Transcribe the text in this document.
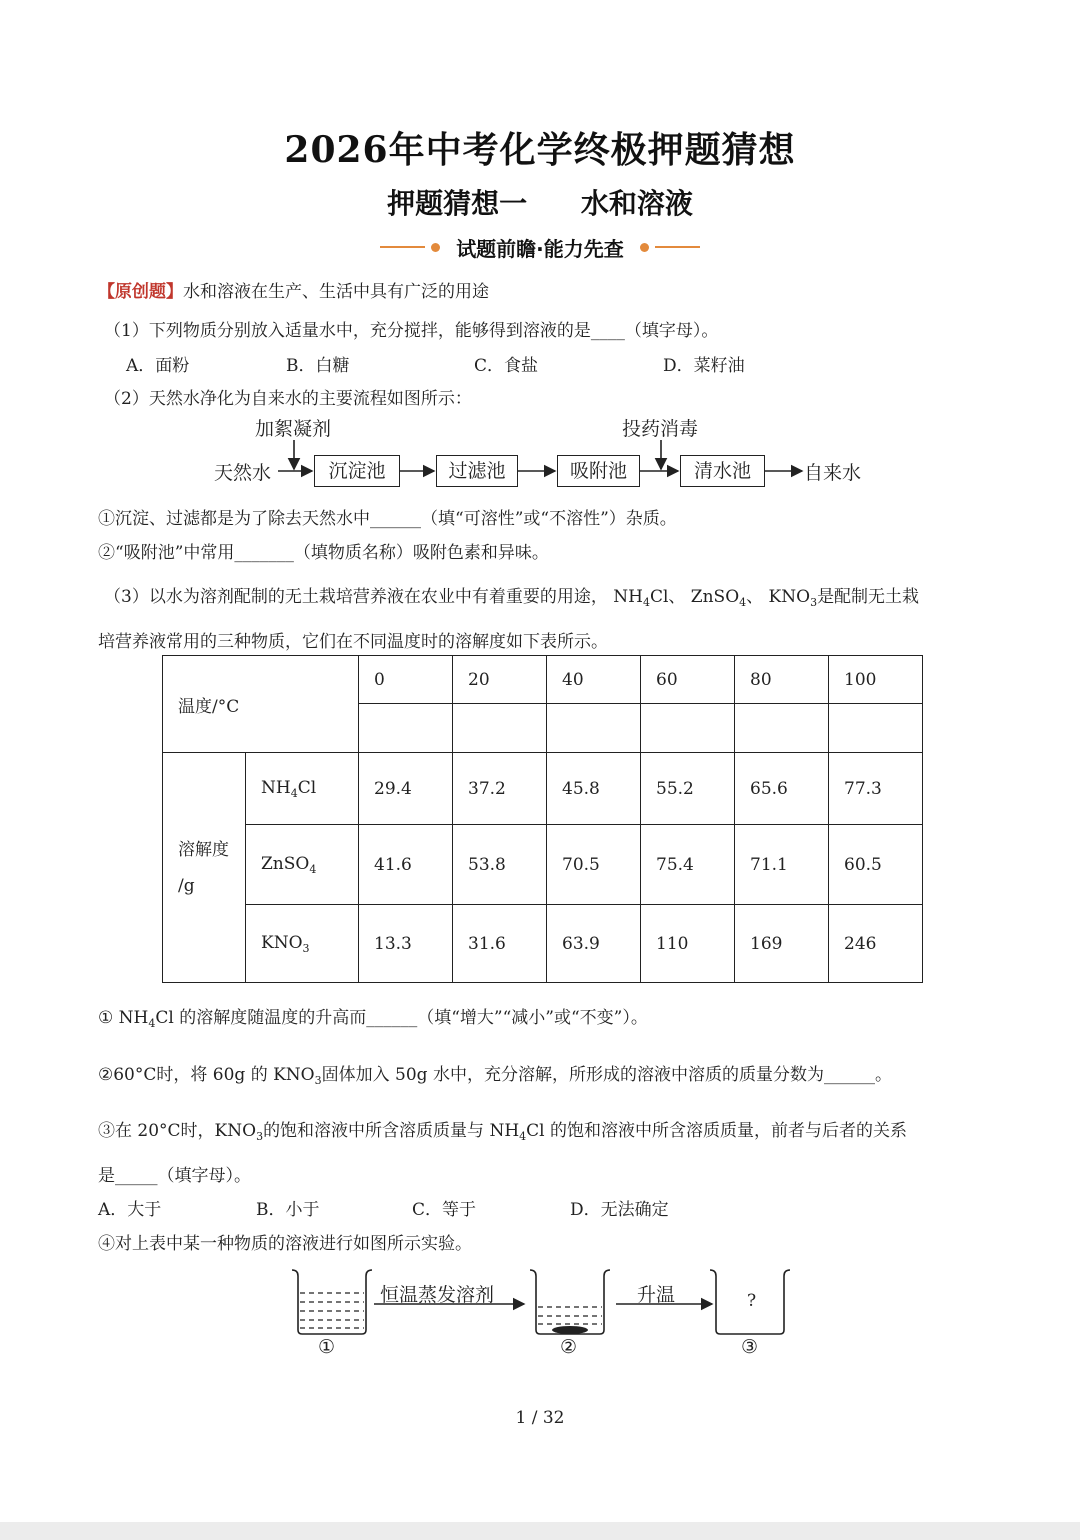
2026年中考化学终极押题猜想
押题猜想一 水和溶液
试题前瞻·能力先查
【原创题】水和溶液在生产、生活中具有广泛的用途
（1）下列物质分别放入适量水中，充分搅拌，能够得到溶液的是____（填字母）。
A．面粉	B．白糖	C．食盐	D．菜籽油
（2）天然水净化为自来水的主要流程如图所示：
加絮凝剂	投药消毒
天然水	自来水
沉淀池	过滤池	吸附池	清水池
①沉淀、过滤都是为了除去天然水中______（填“可溶性”或“不溶性”）杂质。
②“吸附池”中常用_______（填物质名称）吸附色素和异味。
（3）以水为溶剂配制的无土栽培营养液在农业中有着重要的用途， $NH_4Cl$、 ZnSO$_4$、 $KNO_3$是配制无土栽
培营养液常用的三种物质，它们在不同温度时的溶解度如下表所示。
温度/°C		0	20	40	60	80	100

溶解度
/g	$NH_4Cl$	29.4	37.2	45.8	55.2	65.6	77.3
	ZnSO$_4$	41.6	53.8	70.5	75.4	71.1	60.5
	$KNO_3$	13.3	31.6	63.9	110	169	246
① $NH_4Cl$ 的溶解度随温度的升高而______（填“增大”“减小”或“不变”）。
②60°C时，将 60g 的 $KNO_3$固体加入 50g 水中，充分溶解，所形成的溶液中溶质的质量分数为______。
③在 20°C时，$KNO_3$的饱和溶液中所含溶质质量与 $NH_4Cl$ 的饱和溶液中所含溶质质量，前者与后者的关系
是_____（填字母）。
A．大于	B．小于	C．等于	D．无法确定
④对上表中某一种物质的溶液进行如图所示实验。
恒温蒸发溶剂	升温	?
①	②	③
1 / 32
